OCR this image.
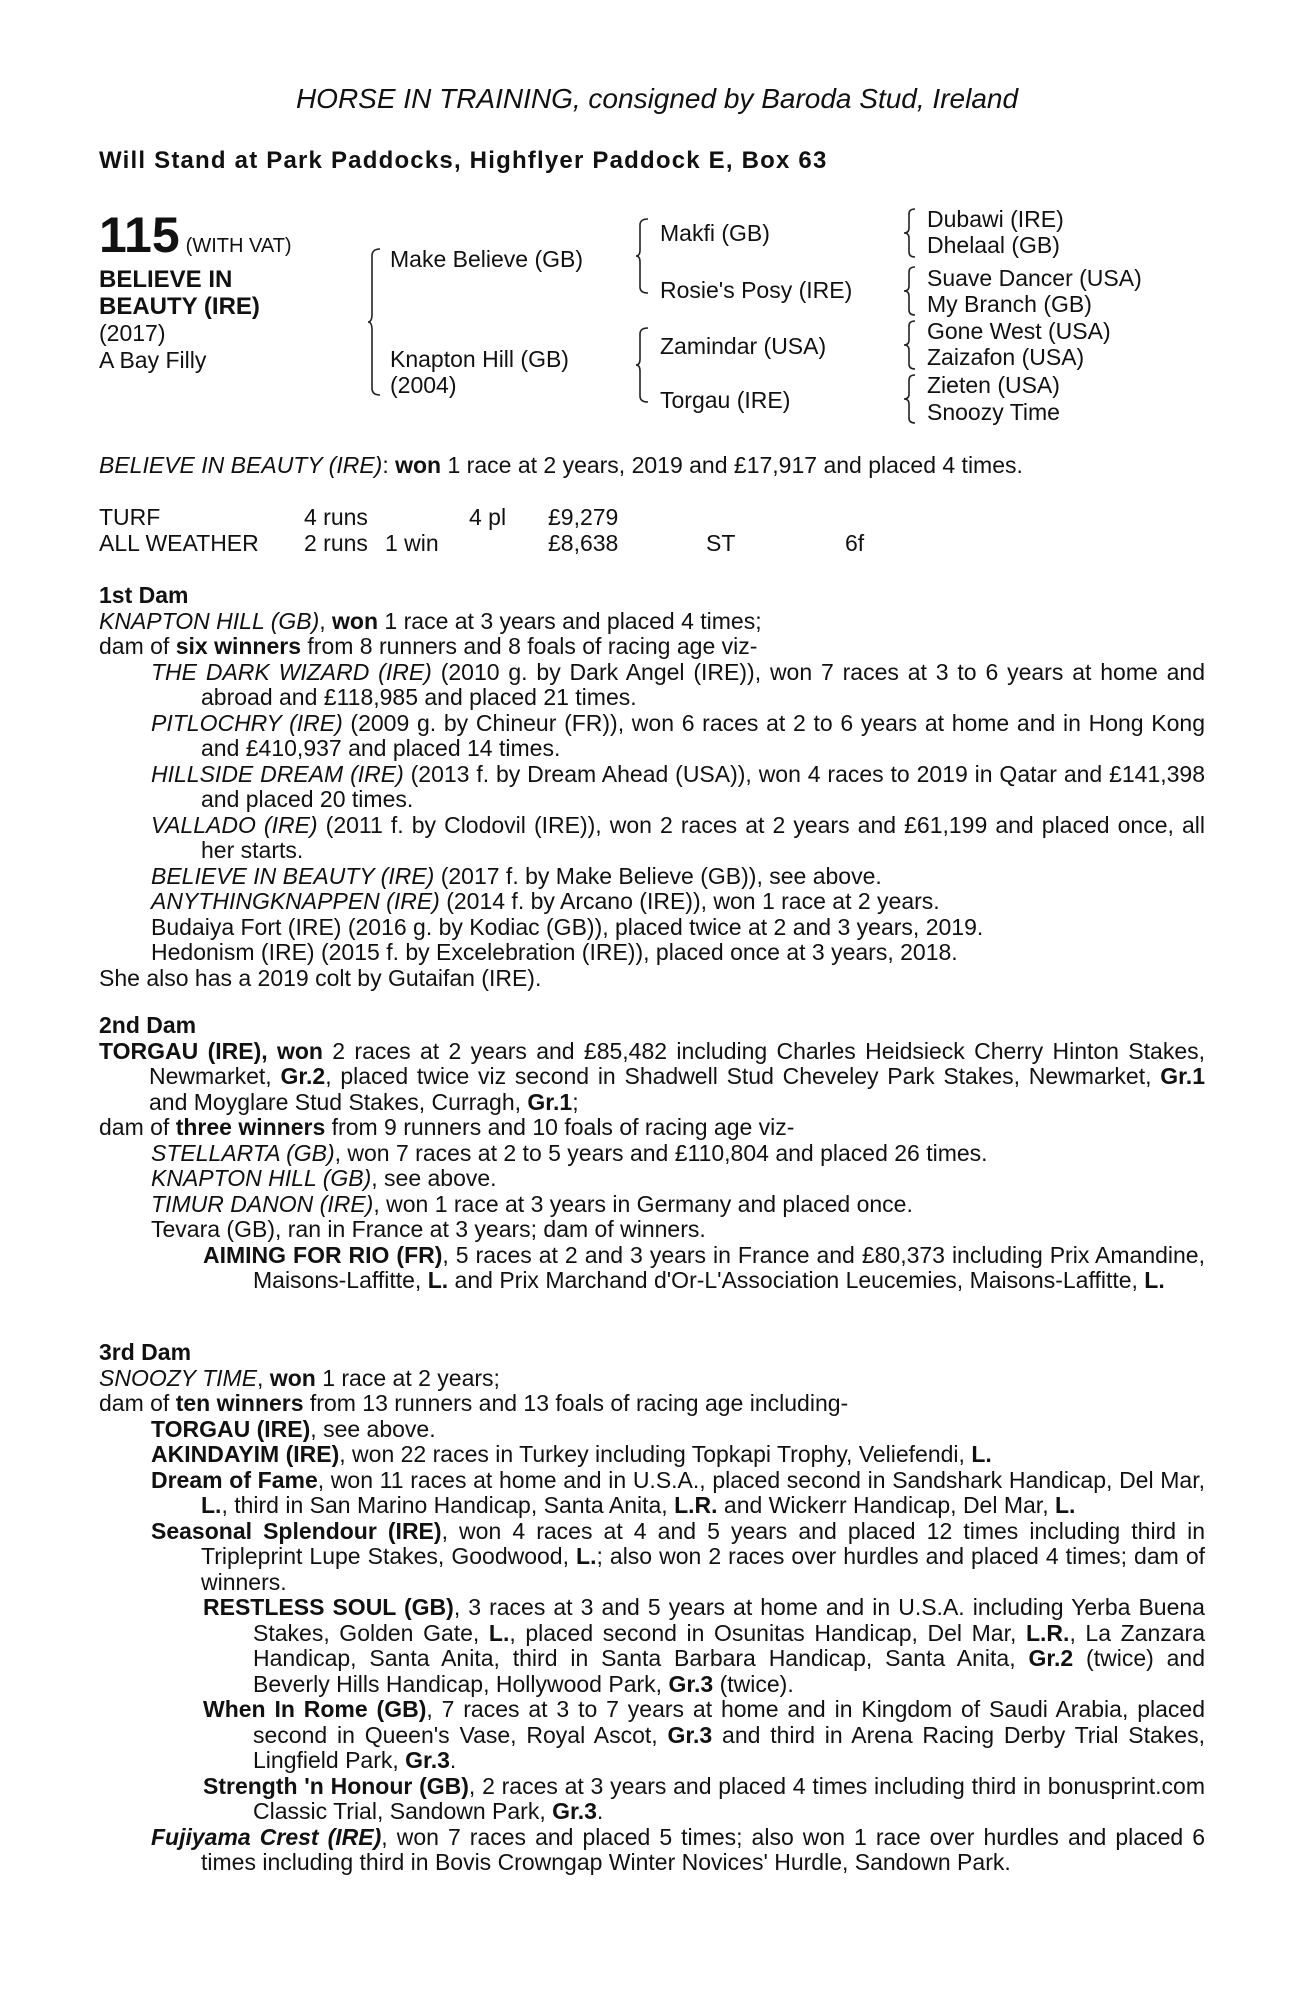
HORSE IN TRAINING, consigned by Baroda Stud, Ireland
Will Stand at Park Paddocks, Highflyer Paddock E, Box 63
115 (WITH VAT)
BELIEVE IN
BEAUTY (IRE)
(2017)
A Bay Filly
Make Believe (GB)
Knapton Hill (GB)
(2004)
Makfi (GB)
Rosie's Posy (IRE)
Zamindar (USA)
Torgau (IRE)
Dubawi (IRE)
Dhelaal (GB)
Suave Dancer (USA)
My Branch (GB)
Gone West (USA)
Zaizafon (USA)
Zieten (USA)
Snoozy Time
BELIEVE IN BEAUTY (IRE): won 1 race at 2 years, 2019 and £17,917 and placed 4 times.
TURF	4 runs	4 pl £9,279
ALL WEATHER 2 runs 1 win	£8,638	ST	6f
1st Dam
KNAPTON HILL (GB), won 1 race at 3 years and placed 4 times;
dam of six winners from 8 runners and 8 foals of racing age viz-
THE DARK WIZARD (IRE) (2010 g. by Dark Angel (IRE)), won 7 races at 3 to 6 years at home and abroad and £118,985 and placed 21 times.
PITLOCHRY (IRE) (2009 g. by Chineur (FR)), won 6 races at 2 to 6 years at home and in Hong Kong and £410,937 and placed 14 times.
HILLSIDE DREAM (IRE) (2013 f. by Dream Ahead (USA)), won 4 races to 2019 in Qatar and £141,398 and placed 20 times.
VALLADO (IRE) (2011 f. by Clodovil (IRE)), won 2 races at 2 years and £61,199 and placed once, all her starts.
BELIEVE IN BEAUTY (IRE) (2017 f. by Make Believe (GB)), see above.
ANYTHINGKNAPPEN (IRE) (2014 f. by Arcano (IRE)), won 1 race at 2 years.
Budaiya Fort (IRE) (2016 g. by Kodiac (GB)), placed twice at 2 and 3 years, 2019.
Hedonism (IRE) (2015 f. by Excelebration (IRE)), placed once at 3 years, 2018.
She also has a 2019 colt by Gutaifan (IRE).
2nd Dam
TORGAU (IRE), won 2 races at 2 years and £85,482 including Charles Heidsieck Cherry Hinton Stakes, Newmarket, Gr.2, placed twice viz second in Shadwell Stud Cheveley Park Stakes, Newmarket, Gr.1 and Moyglare Stud Stakes, Curragh, Gr.1;
dam of three winners from 9 runners and 10 foals of racing age viz-
STELLARTA (GB), won 7 races at 2 to 5 years and £110,804 and placed 26 times.
KNAPTON HILL (GB), see above.
TIMUR DANON (IRE), won 1 race at 3 years in Germany and placed once.
Tevara (GB), ran in France at 3 years; dam of winners.
AIMING FOR RIO (FR), 5 races at 2 and 3 years in France and £80,373 including Prix Amandine, Maisons-Laffitte, L. and Prix Marchand d'Or-L'Association Leucemies, Maisons-Laffitte, L.
3rd Dam
SNOOZY TIME, won 1 race at 2 years;
dam of ten winners from 13 runners and 13 foals of racing age including-
TORGAU (IRE), see above.
AKINDAYIM (IRE), won 22 races in Turkey including Topkapi Trophy, Veliefendi, L.
Dream of Fame, won 11 races at home and in U.S.A., placed second in Sandshark Handicap, Del Mar, L., third in San Marino Handicap, Santa Anita, L.R. and Wickerr Handicap, Del Mar, L.
Seasonal Splendour (IRE), won 4 races at 4 and 5 years and placed 12 times including third in Tripleprint Lupe Stakes, Goodwood, L.; also won 2 races over hurdles and placed 4 times; dam of winners.
RESTLESS SOUL (GB), 3 races at 3 and 5 years at home and in U.S.A. including Yerba Buena Stakes, Golden Gate, L., placed second in Osunitas Handicap, Del Mar, L.R., La Zanzara Handicap, Santa Anita, third in Santa Barbara Handicap, Santa Anita, Gr.2 (twice) and Beverly Hills Handicap, Hollywood Park, Gr.3 (twice).
When In Rome (GB), 7 races at 3 to 7 years at home and in Kingdom of Saudi Arabia, placed second in Queen's Vase, Royal Ascot, Gr.3 and third in Arena Racing Derby Trial Stakes, Lingfield Park, Gr.3.
Strength 'n Honour (GB), 2 races at 3 years and placed 4 times including third in bonusprint.com Classic Trial, Sandown Park, Gr.3.
Fujiyama Crest (IRE), won 7 races and placed 5 times; also won 1 race over hurdles and placed 6 times including third in Bovis Crowngap Winter Novices' Hurdle, Sandown Park.
